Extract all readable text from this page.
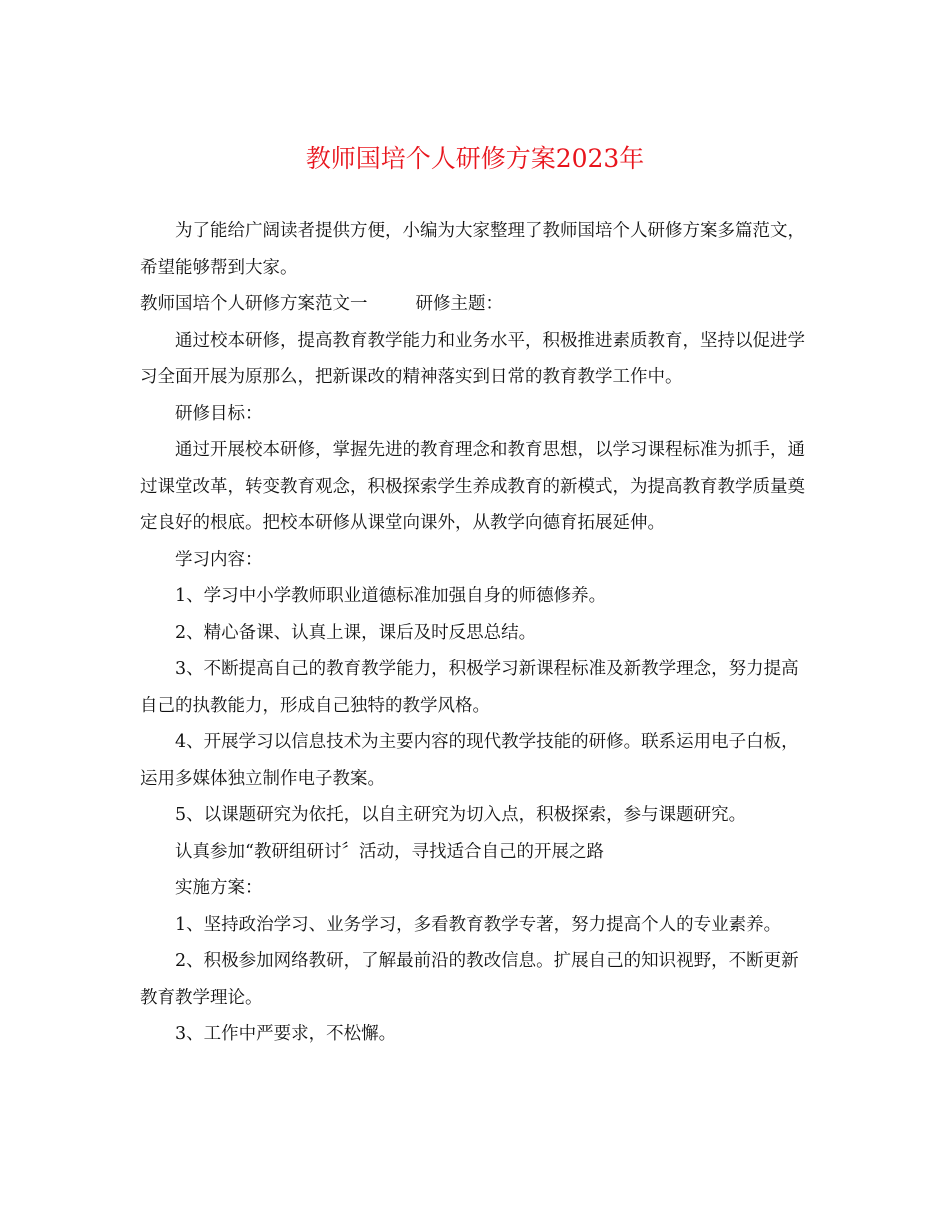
教师国培个人研修方案2023年

为了能给广阔读者提供方便，小编为大家整理了教师国培个人研修方案多篇范文，希望能够帮到大家。

教师国培个人研修方案范文一	研修主题：

通过校本研修，提高教育教学能力和业务水平，积极推进素质教育，坚持以促进学习全面开展为原那么，把新课改的精神落实到日常的教育教学工作中。

研修目标：

通过开展校本研修，掌握先进的教育理念和教育思想，以学习课程标准为抓手，通过课堂改革，转变教育观念，积极探索学生养成教育的新模式，为提高教育教学质量奠定良好的根底。把校本研修从课堂向课外，从教学向德育拓展延伸。

学习内容：

1、学习中小学教师职业道德标准加强自身的师德修养。

2、精心备课、认真上课，课后及时反思总结。

3、不断提高自己的教育教学能力，积极学习新课程标准及新教学理念，努力提高自己的执教能力，形成自己独特的教学风格。

4、开展学习以信息技术为主要内容的现代教学技能的研修。联系运用电子白板，运用多媒体独立制作电子教案。

5、以课题研究为依托，以自主研究为切入点，积极探索，参与课题研究。

认真参加“教研组研讨〞活动，寻找适合自己的开展之路

实施方案：

1、坚持政治学习、业务学习，多看教育教学专著，努力提高个人的专业素养。

2、积极参加网络教研，了解最前沿的教改信息。扩展自己的知识视野，不断更新教育教学理论。

3、工作中严要求，不松懈。
